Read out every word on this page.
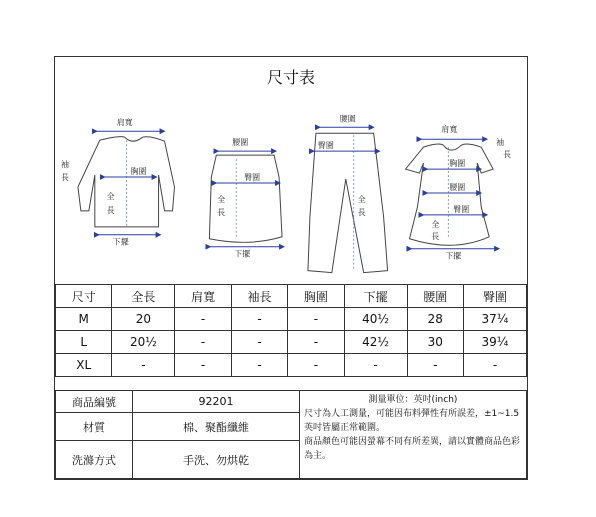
尺寸表
肩寬
袖
長
胸圍
全
長
下擺
腰圍
臀圍
全
長
下擺
腰圍
臀圍
全
長
肩寬
袖
長
胸圍
腰圍
臀圍
全
長
下擺
尺寸	全長	肩寬	袖長	胸圍	下擺	腰圍	臀圍
M	20	-	-	-	40½	28	37¼
L	20½	-	-	-	42½	30	39¼
XL	-	-	-	-	-	-	-
商品編號	92201	測量單位：英吋(inch)
尺寸為人工測量，可能因布料彈性有所誤差，±1~1.5 英吋皆屬正常範圍。
商品顏色可能因螢幕不同有所差異，請以實體商品色彩為主。

材質	棉、聚酯纖維	
洗滌方式	手洗、勿烘乾	
